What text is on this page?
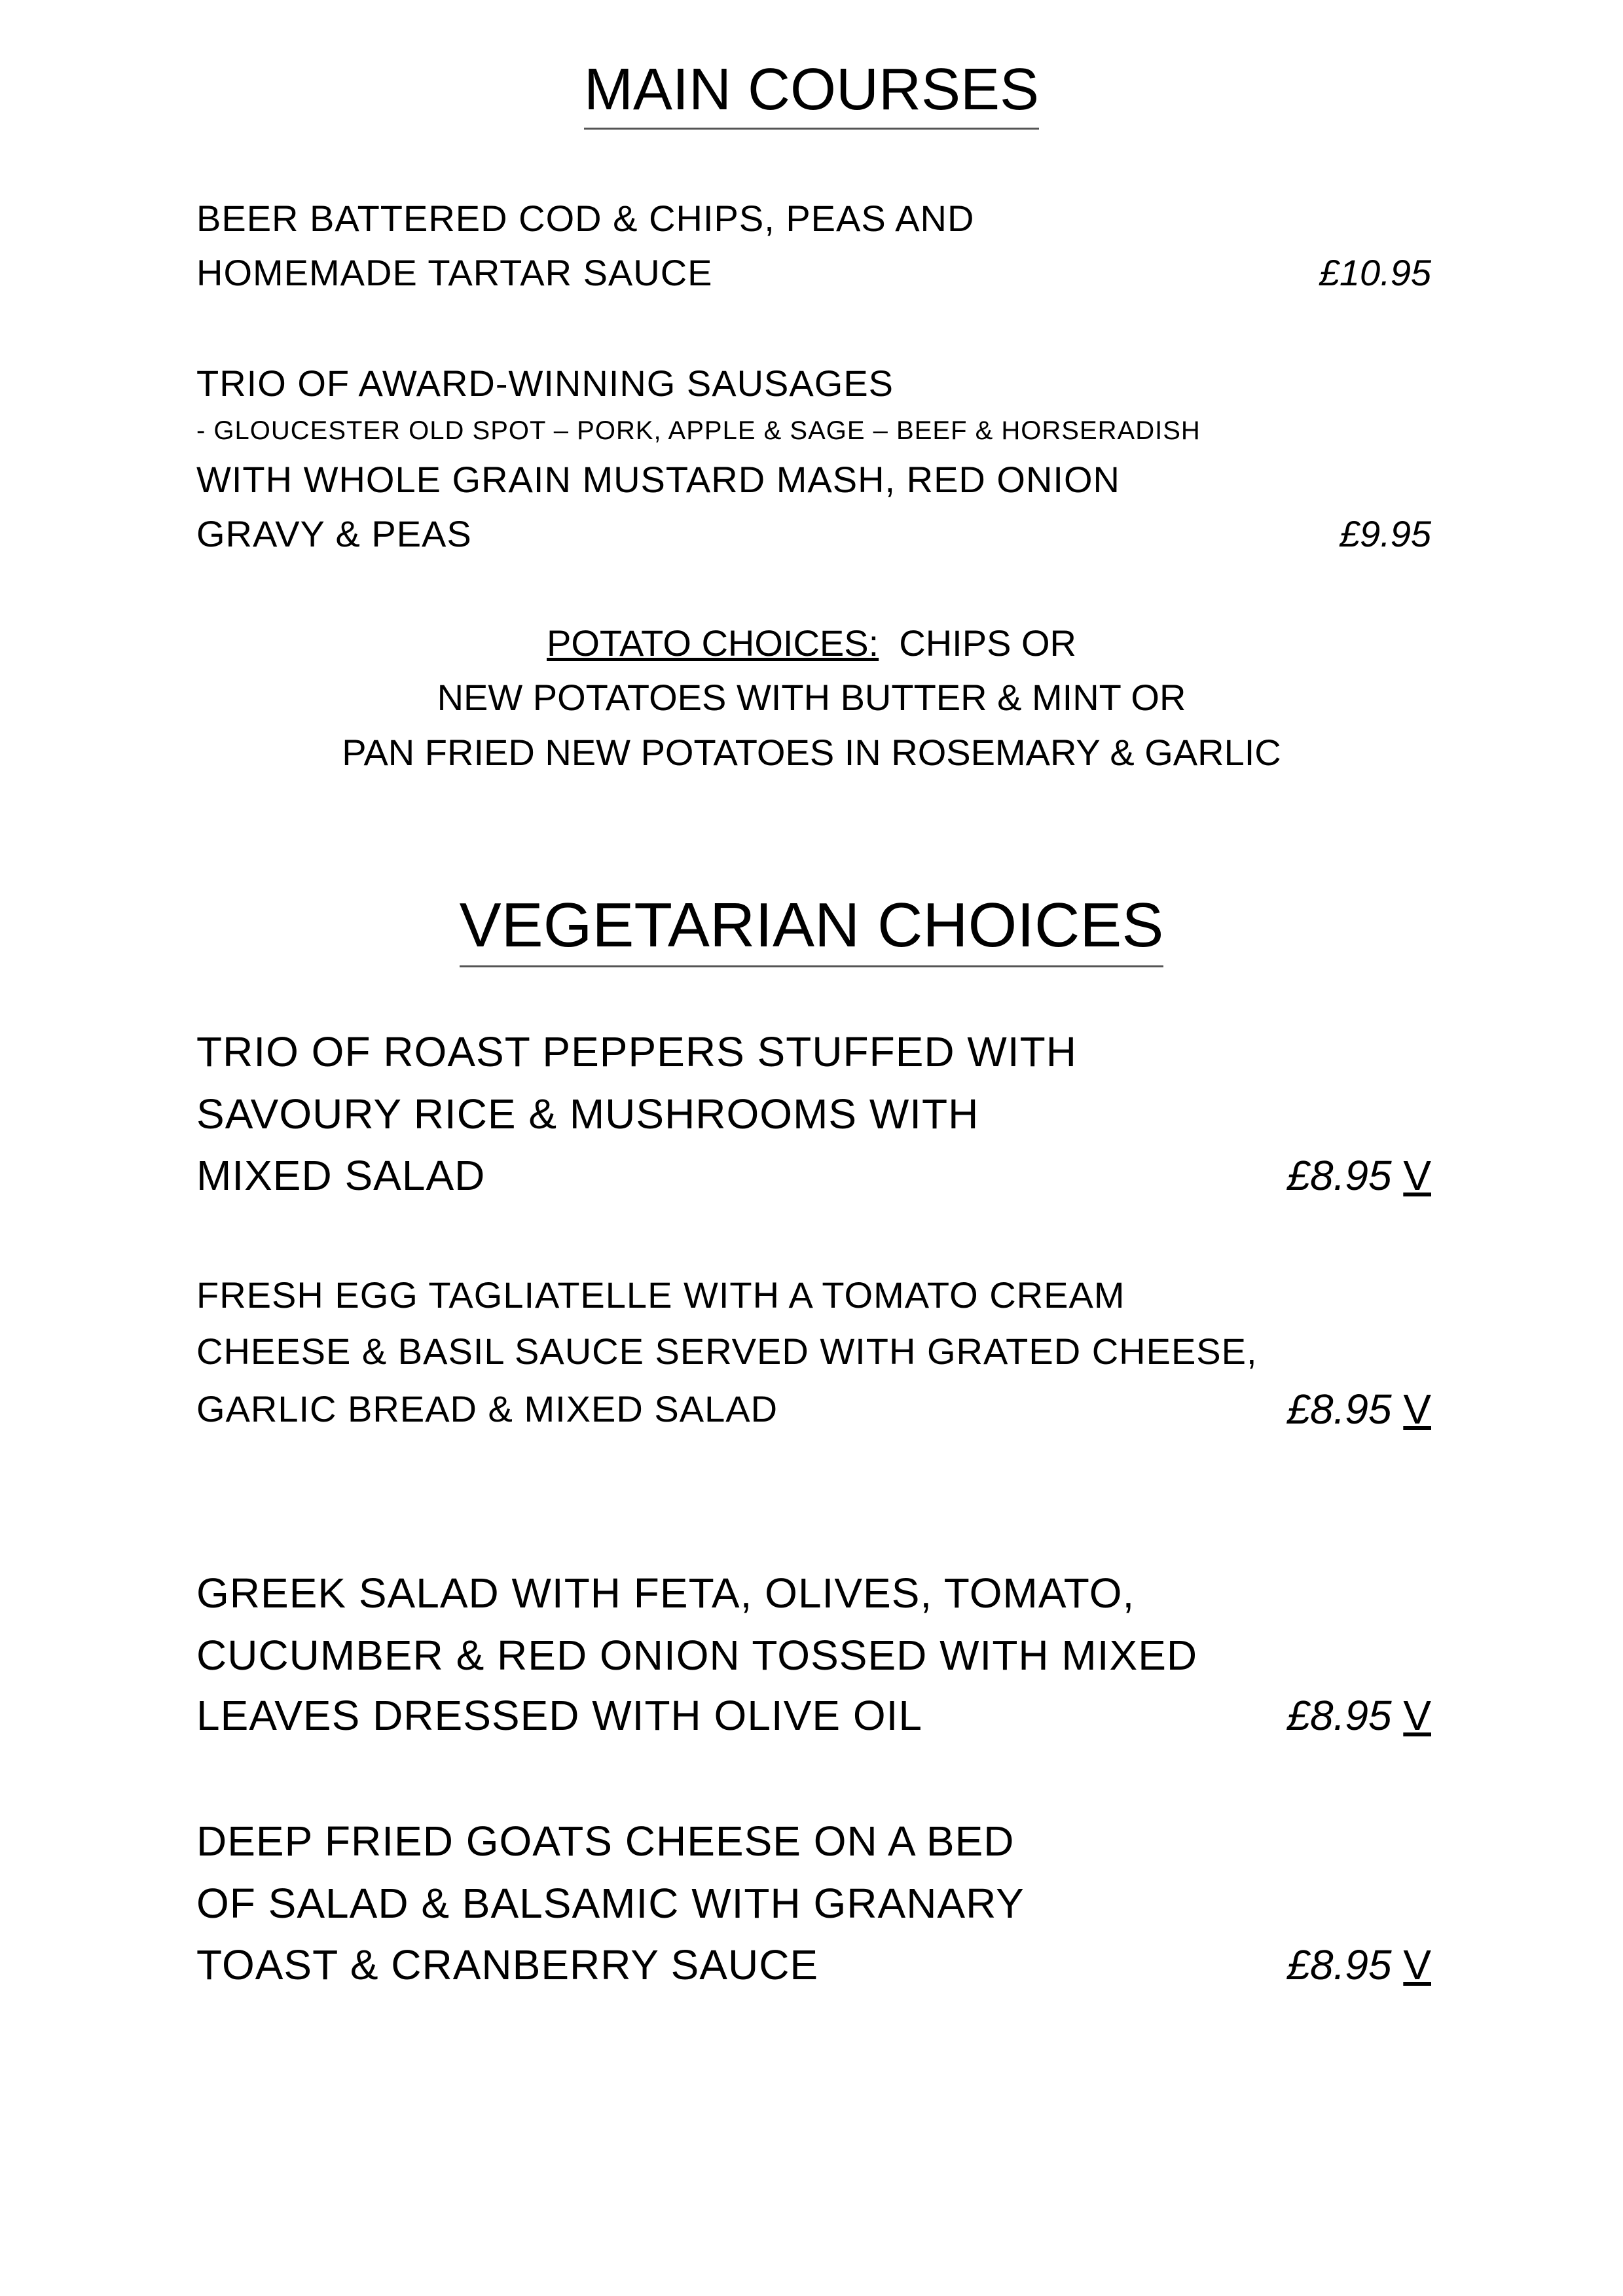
MAIN COURSES
BEER BATTERED COD & CHIPS, PEAS AND
HOMEMADE TARTAR SAUCE	£10.95
TRIO OF AWARD-WINNING SAUSAGES
- GLOUCESTER OLD SPOT – PORK, APPLE & SAGE – BEEF & HORSERADISH
WITH WHOLE GRAIN MUSTARD MASH, RED ONION
GRAVY & PEAS	£9.95
POTATO CHOICES: CHIPS OR
NEW POTATOES WITH BUTTER & MINT OR
PAN FRIED NEW POTATOES IN ROSEMARY & GARLIC
VEGETARIAN CHOICES
TRIO OF ROAST PEPPERS STUFFED WITH
SAVOURY RICE & MUSHROOMS WITH
MIXED SALAD	£8.95 V
FRESH EGG TAGLIATELLE WITH A TOMATO CREAM
CHEESE & BASIL SAUCE SERVED WITH GRATED CHEESE,
GARLIC BREAD & MIXED SALAD	£8.95 V
GREEK SALAD WITH FETA, OLIVES, TOMATO,
CUCUMBER & RED ONION TOSSED WITH MIXED
LEAVES DRESSED WITH OLIVE OIL	£8.95 V
DEEP FRIED GOATS CHEESE ON A BED
OF SALAD & BALSAMIC WITH GRANARY
TOAST & CRANBERRY SAUCE	£8.95 V
